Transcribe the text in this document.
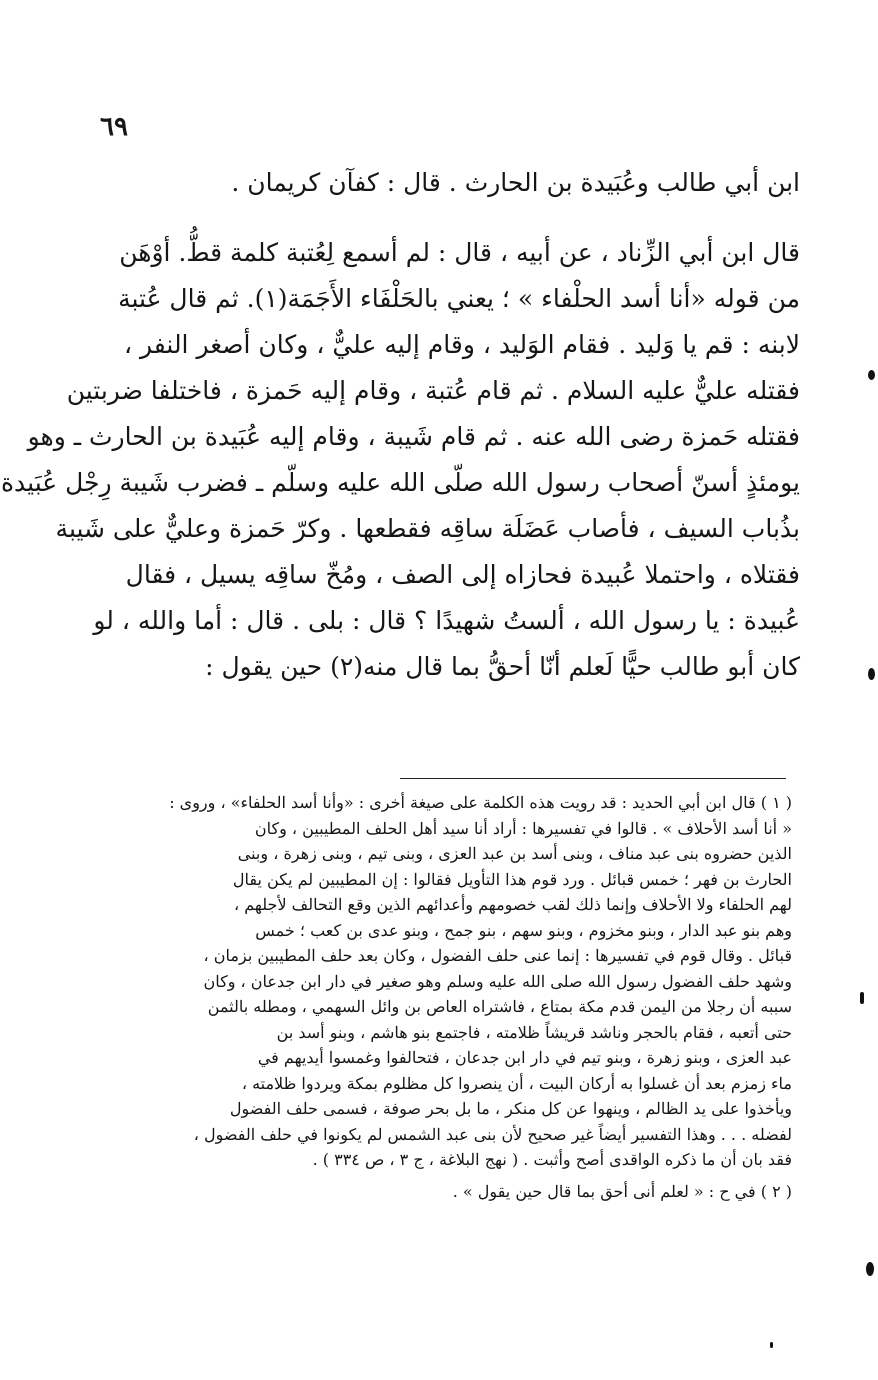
٦٩
ابن أبي طالب وعُبَيدة بن الحارث . قال : كفآن كريمان .
قال ابن أبي الزِّناد ، عن أبيه ، قال : لم أسمع لِعُتبة كلمة قطُّ. أوْهَن
من قوله «أنا أسد الحلْفاء » ؛ يعني بالحَلْفَاء الأَجَمَة(١). ثم قال عُتبة
لابنه : قم يا وَليد . فقام الوَليد ، وقام إليه عليٌّ ، وكان أصغر النفر ،
فقتله عليٌّ عليه السلام . ثم قام عُتبة ، وقام إليه حَمزة ، فاختلفا ضربتين
فقتله حَمزة رضى الله عنه . ثم قام شَيبة ، وقام إليه عُبَيدة بن الحارث ـ وهو
يومئذٍ أسنّ أصحاب رسول الله صلّى الله عليه وسلّم ـ فضرب شَيبة رِجْل عُبَيدة
بذُباب السيف ، فأصاب عَضَلَة ساقِه فقطعها . وكرّ حَمزة وعليٌّ على شَيبة
فقتلاه ، واحتملا عُبيدة فحازاه إلى الصف ، ومُخّ ساقِه يسيل ، فقال
عُبيدة : يا رسول الله ، ألستُ شهيدًا ؟ قال : بلى . قال : أما والله ، لو
كان أبو طالب حيًّا لَعلم أنّا أحقُّ بما قال منه(٢) حين يقول :
( ١ ) قال ابن أبي الحديد : قد رويت هذه الكلمة على صيغة أخرى : «وأنا أسد الحلفاء» ، وروى :
« أنا أسد الأحلاف » . قالوا في تفسيرها : أراد أنا سيد أهل الحلف المطيبين ، وكان
الذين حضروه بنى عبد مناف ، وبنى أسد بن عبد العزى ، وبنى تيم ، وبنى زهرة ، وبنى
الحارث بن فهر ؛ خمس قبائل . ورد قوم هذا التأويل فقالوا : إن المطيبين لم يكن يقال
لهم الحلفاء ولا الأحلاف وإنما ذلك لقب خصومهم وأعدائهم الذين وقع التحالف لأجلهم ،
وهم بنو عبد الدار ، وبنو مخزوم ، وبنو سهم ، بنو جمح ، وبنو عدى بن كعب ؛ خمس
قبائل . وقال قوم في تفسيرها : إنما عنى حلف الفضول ، وكان بعد حلف المطيبين بزمان ،
وشهد حلف الفضول رسول الله صلى الله عليه وسلم وهو صغير في دار ابن جدعان ، وكان
سببه أن رجلا من اليمن قدم مكة بمتاع ، فاشتراه العاص بن وائل السهمي ، ومطله بالثمن
حتى أتعبه ، فقام بالحجر وناشد قريشاً ظلامته ، فاجتمع بنو هاشم ، وبنو أسد بن
عبد العزى ، وبنو زهرة ، وبنو تيم في دار ابن جدعان ، فتحالفوا وغمسوا أيديهم في
ماء زمزم بعد أن غسلوا به أركان البيت ، أن ينصروا كل مظلوم بمكة ويردوا ظلامته ،
ويأخذوا على يد الظالم ، وينهوا عن كل منكر ، ما بل بحر صوفة ، فسمى حلف الفضول
لفضله . . . وهذا التفسير أيضاً غير صحيح لأن بنى عبد الشمس لم يكونوا في حلف الفضول ،
فقد بان أن ما ذكره الواقدى أصح وأثبت . ( نهج البلاغة ، ج ٣ ، ص ٣٣٤ ) .
( ٢ ) في ح : « لعلم أنى أحق بما قال حين يقول » .
